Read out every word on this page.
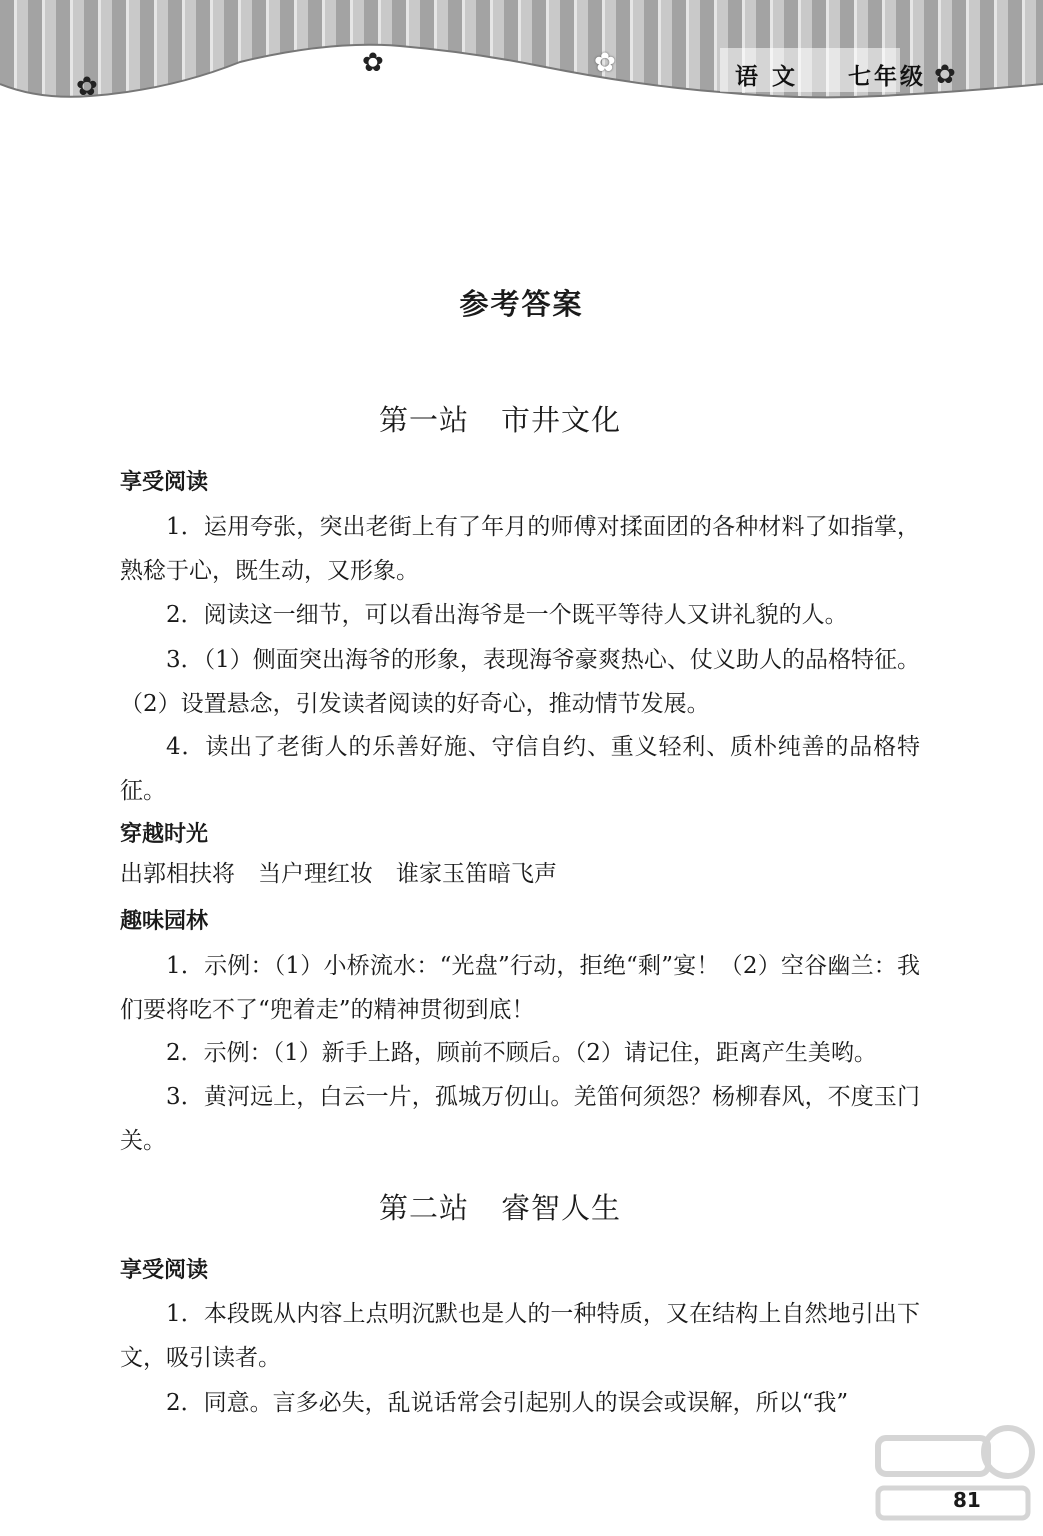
✿
✿	✿	✿
语 文 七年级
参考答案
第一站 市井文化
享受阅读

1．运用夸张，突出老街上有了年月的师傅对揉面团的各种材料了如指掌，熟稔于心，既生动，又形象。

2．阅读这一细节，可以看出海爷是一个既平等待人又讲礼貌的人。

3．（1）侧面突出海爷的形象，表现海爷豪爽热心、仗义助人的品格特征。（2）设置悬念，引发读者阅读的好奇心，推动情节发展。

4．读出了老街人的乐善好施、守信自约、重义轻利、质朴纯善的品格特征。

穿越时光

出郭相扶将　当户理红妆　谁家玉笛暗飞声

趣味园林

1．示例：（1）小桥流水：“光盘”行动，拒绝“剩”宴！（2）空谷幽兰：我们要将吃不了“兜着走”的精神贯彻到底！

2．示例：（1）新手上路，顾前不顾后。（2）请记住，距离产生美哟。

3．黄河远上，白云一片，孤城万仞山。羌笛何须怨？杨柳春风，不度玉门关。

第二站 睿智人生
享受阅读

1．本段既从内容上点明沉默也是人的一种特质，又在结构上自然地引出下文，吸引读者。

2．同意。言多必失，乱说话常会引起别人的误会或误解，所以“我”

81
